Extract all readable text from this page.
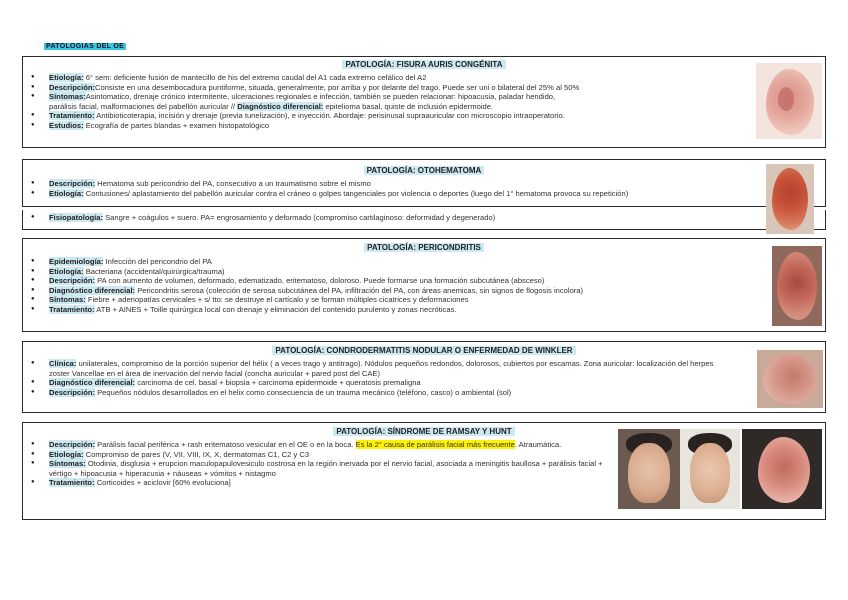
PATOLOGIAS DEL OE
PATOLOGÍA: FISURA AURIS CONGÉNITA
● Etiología: 6° sem: deficiente fusión de mantecillo de his del extremo caudal del A1 cada extremo cefálico del A2
● Descripción:Consiste en una desembocadura puntiforme, situada, generalmente, por arriba y por delante del trago. Puede ser uni o bilateral del 25% al 50%
● Síntomas:Asintomatico, drenaje crónico intermitente, ulceraciones regionales e infección, también se pueden relacionar: hipoacusia, paladar hendido,
parálisis facial, malformaciones del pabellón auricular // Diagnóstico diferencial: epitelioma basal, quiste de inclusión epidermoide.
● Tratamiento: Antibioticoterapia, incisión y drenaje (previa tunelización), e inyección. Abordaje: perisinusal supraauricular con microscopio intraoperatorio.
● Estudios: Ecografía de partes blandas + examen histopatológico
PATOLOGÍA: OTOHEMATOMA
● Descripción: Hematoma sub pericondrio del PA, consecutivo a un traumatismo sobre el mismo
● Etiología: Contusiones/ aplastamiento del pabellón auricular contra el cráneo o golpes tangenciales por violencia o deportes (luego del 1° hematoma provoca su repetición)
● Fisiopatología: Sangre + coágulos + suero. PA= engrosamiento y deformado (compromiso cartilaginoso: deformidad y degenerado)
PATOLOGÍA: PERICONDRITIS
● Epidemiología: Infección del pericondrio del PA
● Etiología: Bacteriana (accidental/quirúrgica/trauma)
● Descripción: PA con aumento de volumen, deformado, edematizado, eritematoso, doloroso. Puede formarse una formación subcutánea (absceso)
● Diagnóstico diferencial: Pericondritis serosa (colección de serosa subcutánea del PA, infiltración del PA, con áreas anemicas, sin signos de flogosis incolora)
● Síntomas: Fiebre + adenopatías cervicales + s/ tto: se destruye el cartícalo y se forman múltiples cicatrices y deformaciones
● Tratamiento: ATB + AINES + Toille quirúrgica local con drenaje y eliminación del contenido purulento y zonas necróticas.
PATOLOGÍA: CONDRODERMATITIS NODULAR O ENFERMEDAD DE WINKLER
● Clínica: unilaterales, compromiso de la porción superior del hélix ( a veces trago y antitrago). Nódulos pequeños redondos, dolorosos, cubiertos por escamas. Zona auricular: localización del herpes zoster Vancellae en el área de inervación del nervio facial (concha auricular + pared post del CAE)
● Diagnóstico diferencial: carcinoma de cel. basal + biopsia + carcinoma epidermoide + queratosis premaligna
● Descripción: Pequeños nódulos desarrollados en el helix como consecuencia de un trauma mecánico (teléfono, casco) o ambiental (sol)
PATOLOGÍA: SÍNDROME DE RAMSAY Y HUNT
● Descripción: Parálisis facial periférica + rash eritematoso vesicular en el OE o en la boca. Es la 2° causa de parálisis facial más frecuente. Atraumática.
● Etiología: Compromiso de pares (V, VII, VIII, IX, X, dermatomas C1, C2 y C3
● Síntomas: Otodinia, disglusia + erupcion maculopapulovesiculo costrosa en la región inervada por el nervio facial, asociada a meningitis baullosa + parálisis facial + vértigo + hipoacusia + hiperacusia + náuseas + vómitos + nistagmo
● Tratamiento: Corticoides + aciclovir [60% evoluciona]
